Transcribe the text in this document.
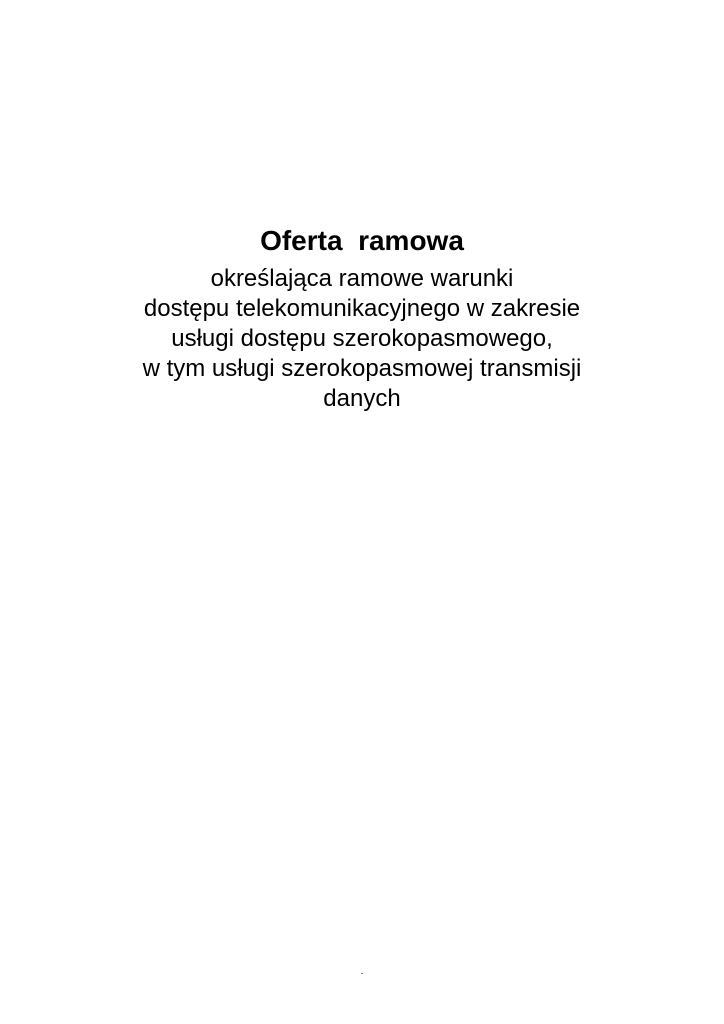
Oferta  ramowa
określająca ramowe warunki
dostępu telekomunikacyjnego w zakresie
usługi dostępu szerokopasmowego,
w tym usługi szerokopasmowej transmisji
danych
.
